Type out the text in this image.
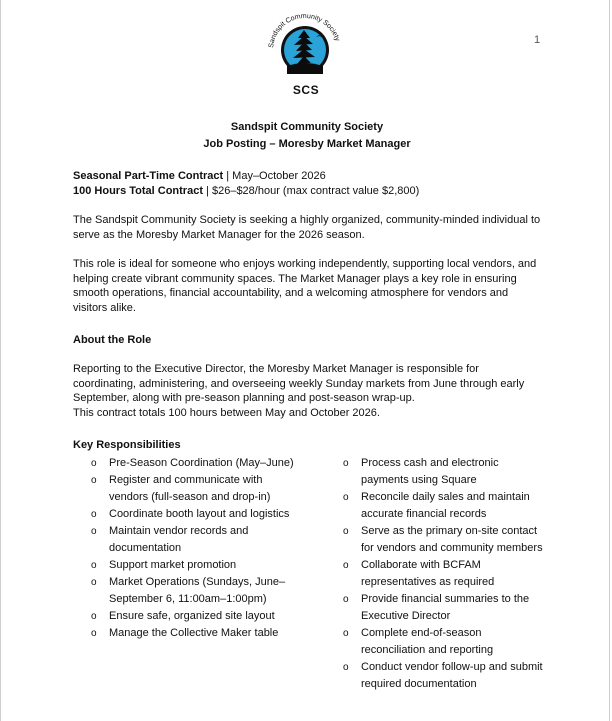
1
Sandspit Community Society
SCS
Sandspit Community Society
Job Posting – Moresby Market Manager
Seasonal Part-Time Contract | May–October 2026
100 Hours Total Contract | $26–$28/hour (max contract value $2,800)
The Sandspit Community Society is seeking a highly organized, community-minded individual to serve as the Moresby Market Manager for the 2026 season.
This role is ideal for someone who enjoys working independently, supporting local vendors, and helping create vibrant community spaces. The Market Manager plays a key role in ensuring smooth operations, financial accountability, and a welcoming atmosphere for vendors and visitors alike.
About the Role
Reporting to the Executive Director, the Moresby Market Manager is responsible for coordinating, administering, and overseeing weekly Sunday markets from June through early September, along with pre-season planning and post-season wrap-up.
This contract totals 100 hours between May and October 2026.
Key Responsibilities
o Pre-Season Coordination (May–June)
o Register and communicate with vendors (full-season and drop-in)
o Coordinate booth layout and logistics
o Maintain vendor records and documentation
o Support market promotion
o Market Operations (Sundays, June–September 6, 11:00am–1:00pm)
o Ensure safe, organized site layout
o Manage the Collective Maker table
o Process cash and electronic payments using Square
o Reconcile daily sales and maintain accurate financial records
o Serve as the primary on-site contact for vendors and community members
o Collaborate with BCFAM representatives as required
o Provide financial summaries to the Executive Director
o Complete end-of-season reconciliation and reporting
o Conduct vendor follow-up and submit required documentation
